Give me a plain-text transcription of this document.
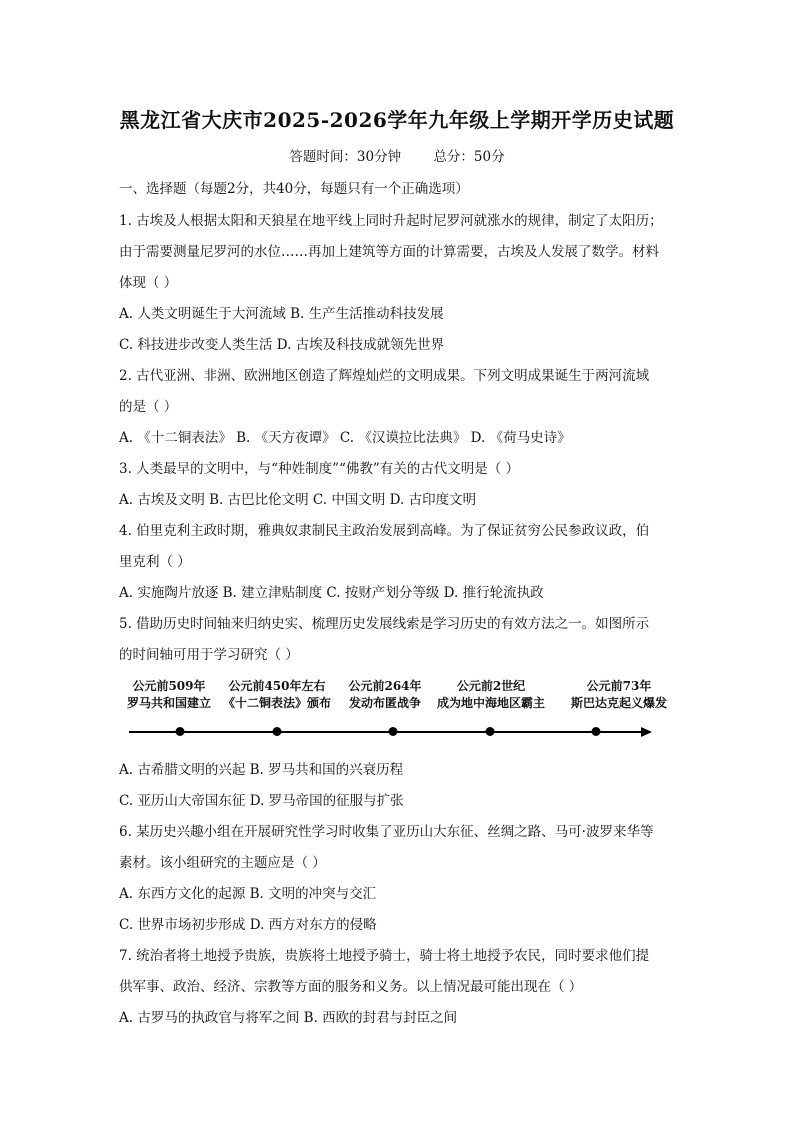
黑龙江省大庆市2025-2026学年九年级上学期开学历史试题
答题时间：30分钟 总分：50分
一、选择题（每题2分，共40分，每题只有一个正确选项）
1. 古埃及人根据太阳和天狼星在地平线上同时升起时尼罗河就涨水的规律，制定了太阳历；
由于需要测量尼罗河的水位……再加上建筑等方面的计算需要，古埃及人发展了数学。材料
体现（ ）
A. 人类文明诞生于大河流域 B. 生产生活推动科技发展
C. 科技进步改变人类生活 D. 古埃及科技成就领先世界
2. 古代亚洲、非洲、欧洲地区创造了辉煌灿烂的文明成果。下列文明成果诞生于两河流域
的是（ ）
A. 《十二铜表法》 B. 《天方夜谭》 C. 《汉谟拉比法典》 D. 《荷马史诗》
3. 人类最早的文明中，与“种姓制度”“佛教”有关的古代文明是（ ）
A. 古埃及文明 B. 古巴比伦文明 C. 中国文明 D. 古印度文明
4. 伯里克利主政时期，雅典奴隶制民主政治发展到高峰。为了保证贫穷公民参政议政，伯
里克利（ ）
A. 实施陶片放逐 B. 建立津贴制度 C. 按财产划分等级 D. 推行轮流执政
5. 借助历史时间轴来归纳史实、梳理历史发展线索是学习历史的有效方法之一。如图所示
的时间轴可用于学习研究（ ）
A. 古希腊文明的兴起 B. 罗马共和国的兴衰历程
C. 亚历山大帝国东征 D. 罗马帝国的征服与扩张
6. 某历史兴趣小组在开展研究性学习时收集了亚历山大东征、丝绸之路、马可·波罗来华等
素材。该小组研究的主题应是（ ）
A. 东西方文化的起源 B. 文明的冲突与交汇
C. 世界市场初步形成 D. 西方对东方的侵略
7. 统治者将土地授予贵族，贵族将土地授予骑士，骑士将土地授予农民，同时要求他们提
供军事、政治、经济、宗教等方面的服务和义务。以上情况最可能出现在（ ）
A. 古罗马的执政官与将军之间 B. 西欧的封君与封臣之间
公元前509年
罗马共和国建立
公元前450年左右
《十二铜表法》颁布
公元前264年
发动布匿战争
公元前2世纪
成为地中海地区霸主
公元前73年
斯巴达克起义爆发
